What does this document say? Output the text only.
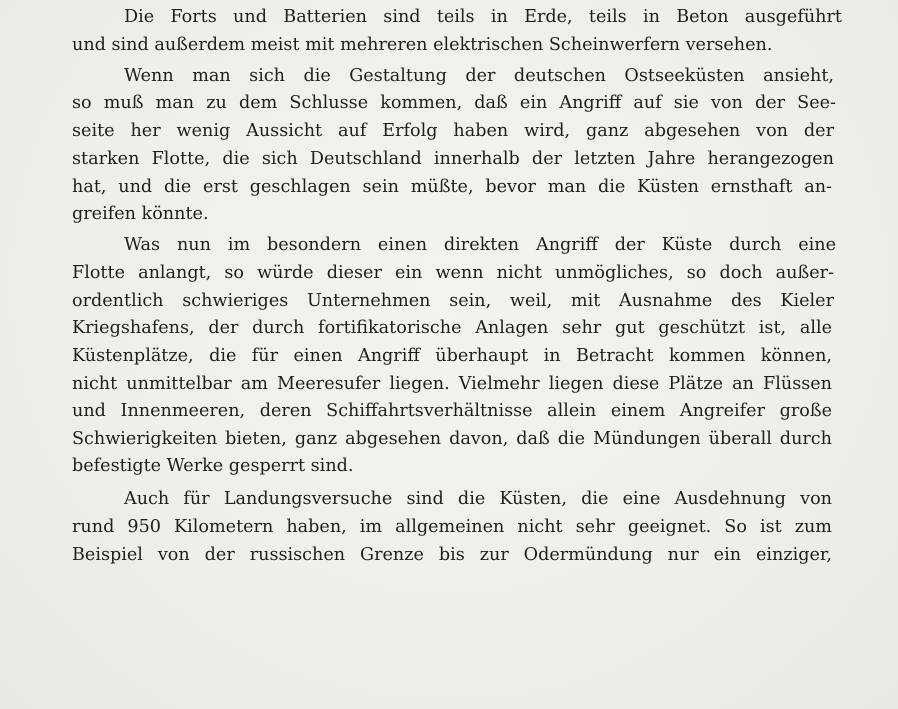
Die Forts und Batterien sind teils in Erde, teils in Beton ausgeführt
und sind außerdem meist mit mehreren elektrischen Scheinwerfern versehen.
Wenn man sich die Gestaltung der deutschen Ostseeküsten ansieht,
so muß man zu dem Schlusse kommen, daß ein Angriff auf sie von der See-
seite her wenig Aussicht auf Erfolg haben wird, ganz abgesehen von der
starken Flotte, die sich Deutschland innerhalb der letzten Jahre herangezogen
hat, und die erst geschlagen sein müßte, bevor man die Küsten ernsthaft an-
greifen könnte.
Was nun im besondern einen direkten Angriff der Küste durch eine
Flotte anlangt, so würde dieser ein wenn nicht unmögliches, so doch außer-
ordentlich schwieriges Unternehmen sein, weil, mit Ausnahme des Kieler
Kriegshafens, der durch fortifikatorische Anlagen sehr gut geschützt ist, alle
Küstenplätze, die für einen Angriff überhaupt in Betracht kommen können,
nicht unmittelbar am Meeresufer liegen. Vielmehr liegen diese Plätze an Flüssen
und Innenmeeren, deren Schiffahrtsverhältnisse allein einem Angreifer große
Schwierigkeiten bieten, ganz abgesehen davon, daß die Mündungen überall durch
befestigte Werke gesperrt sind.
Auch für Landungsversuche sind die Küsten, die eine Ausdehnung von
rund 950 Kilometern haben, im allgemeinen nicht sehr geeignet. So ist zum
Beispiel von der russischen Grenze bis zur Odermündung nur ein einziger,
